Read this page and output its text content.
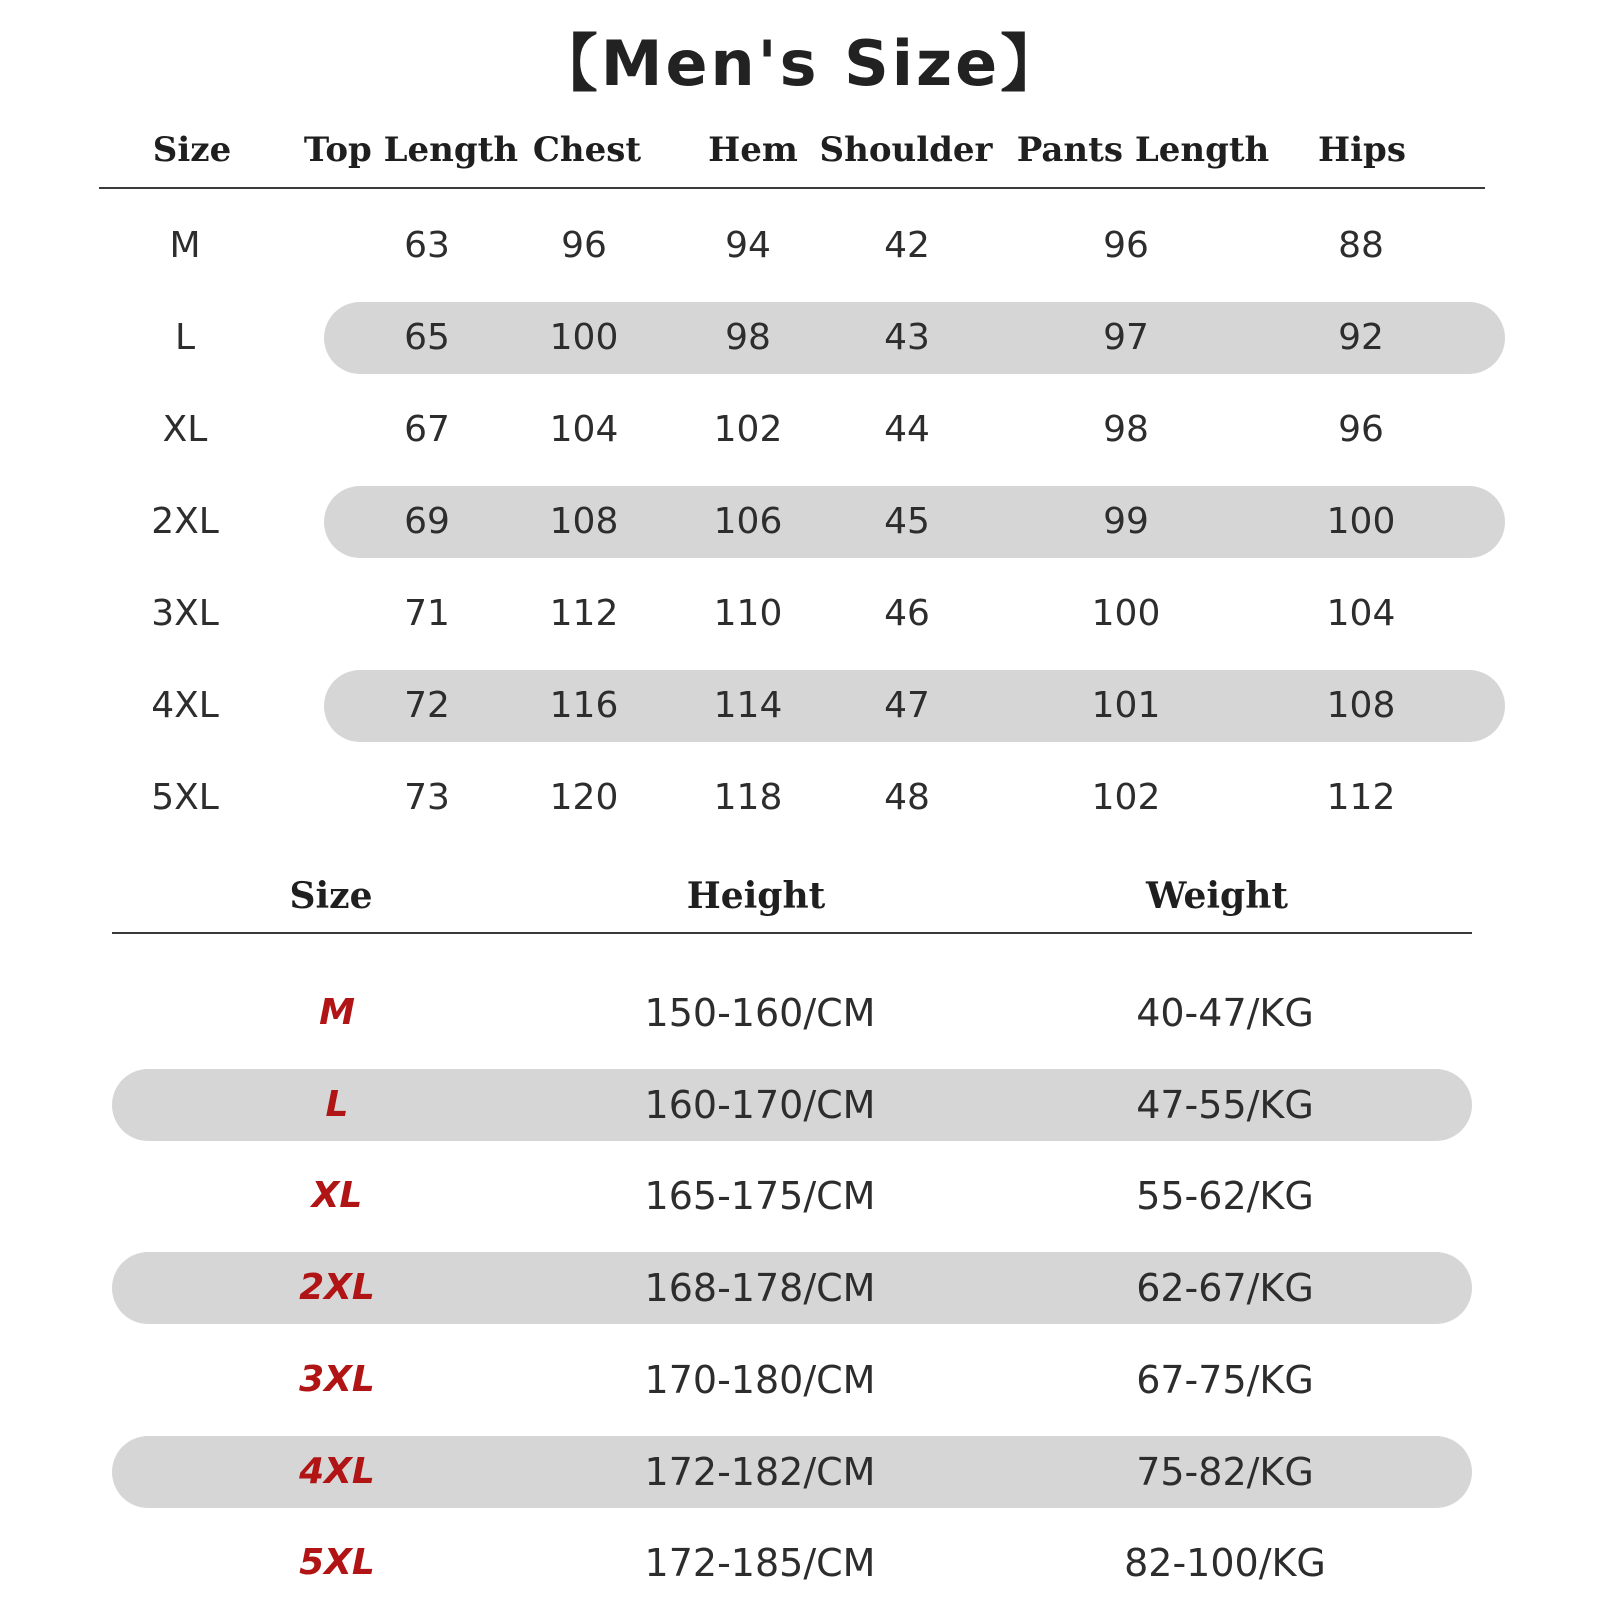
【Men's Size】
Size Top Length Chest Hem Shoulder Pants Length Hips
M	63	96	94	42	96	88
L	65	100	98	43	97	92
XL	67	104	102	44	98	96
2XL	69	108	106	45	99	100
3XL	71	112	110	46	100	104
4XL	72	116	114	47	101	108
5XL	73	120	118	48	102	112
Size	Height	Weight
M	150-160/CM	40-47/KG
L	160-170/CM	47-55/KG
XL	165-175/CM	55-62/KG
2XL	168-178/CM	62-67/KG
3XL	170-180/CM	67-75/KG
4XL	172-182/CM	75-82/KG
5XL	172-185/CM	82-100/KG
